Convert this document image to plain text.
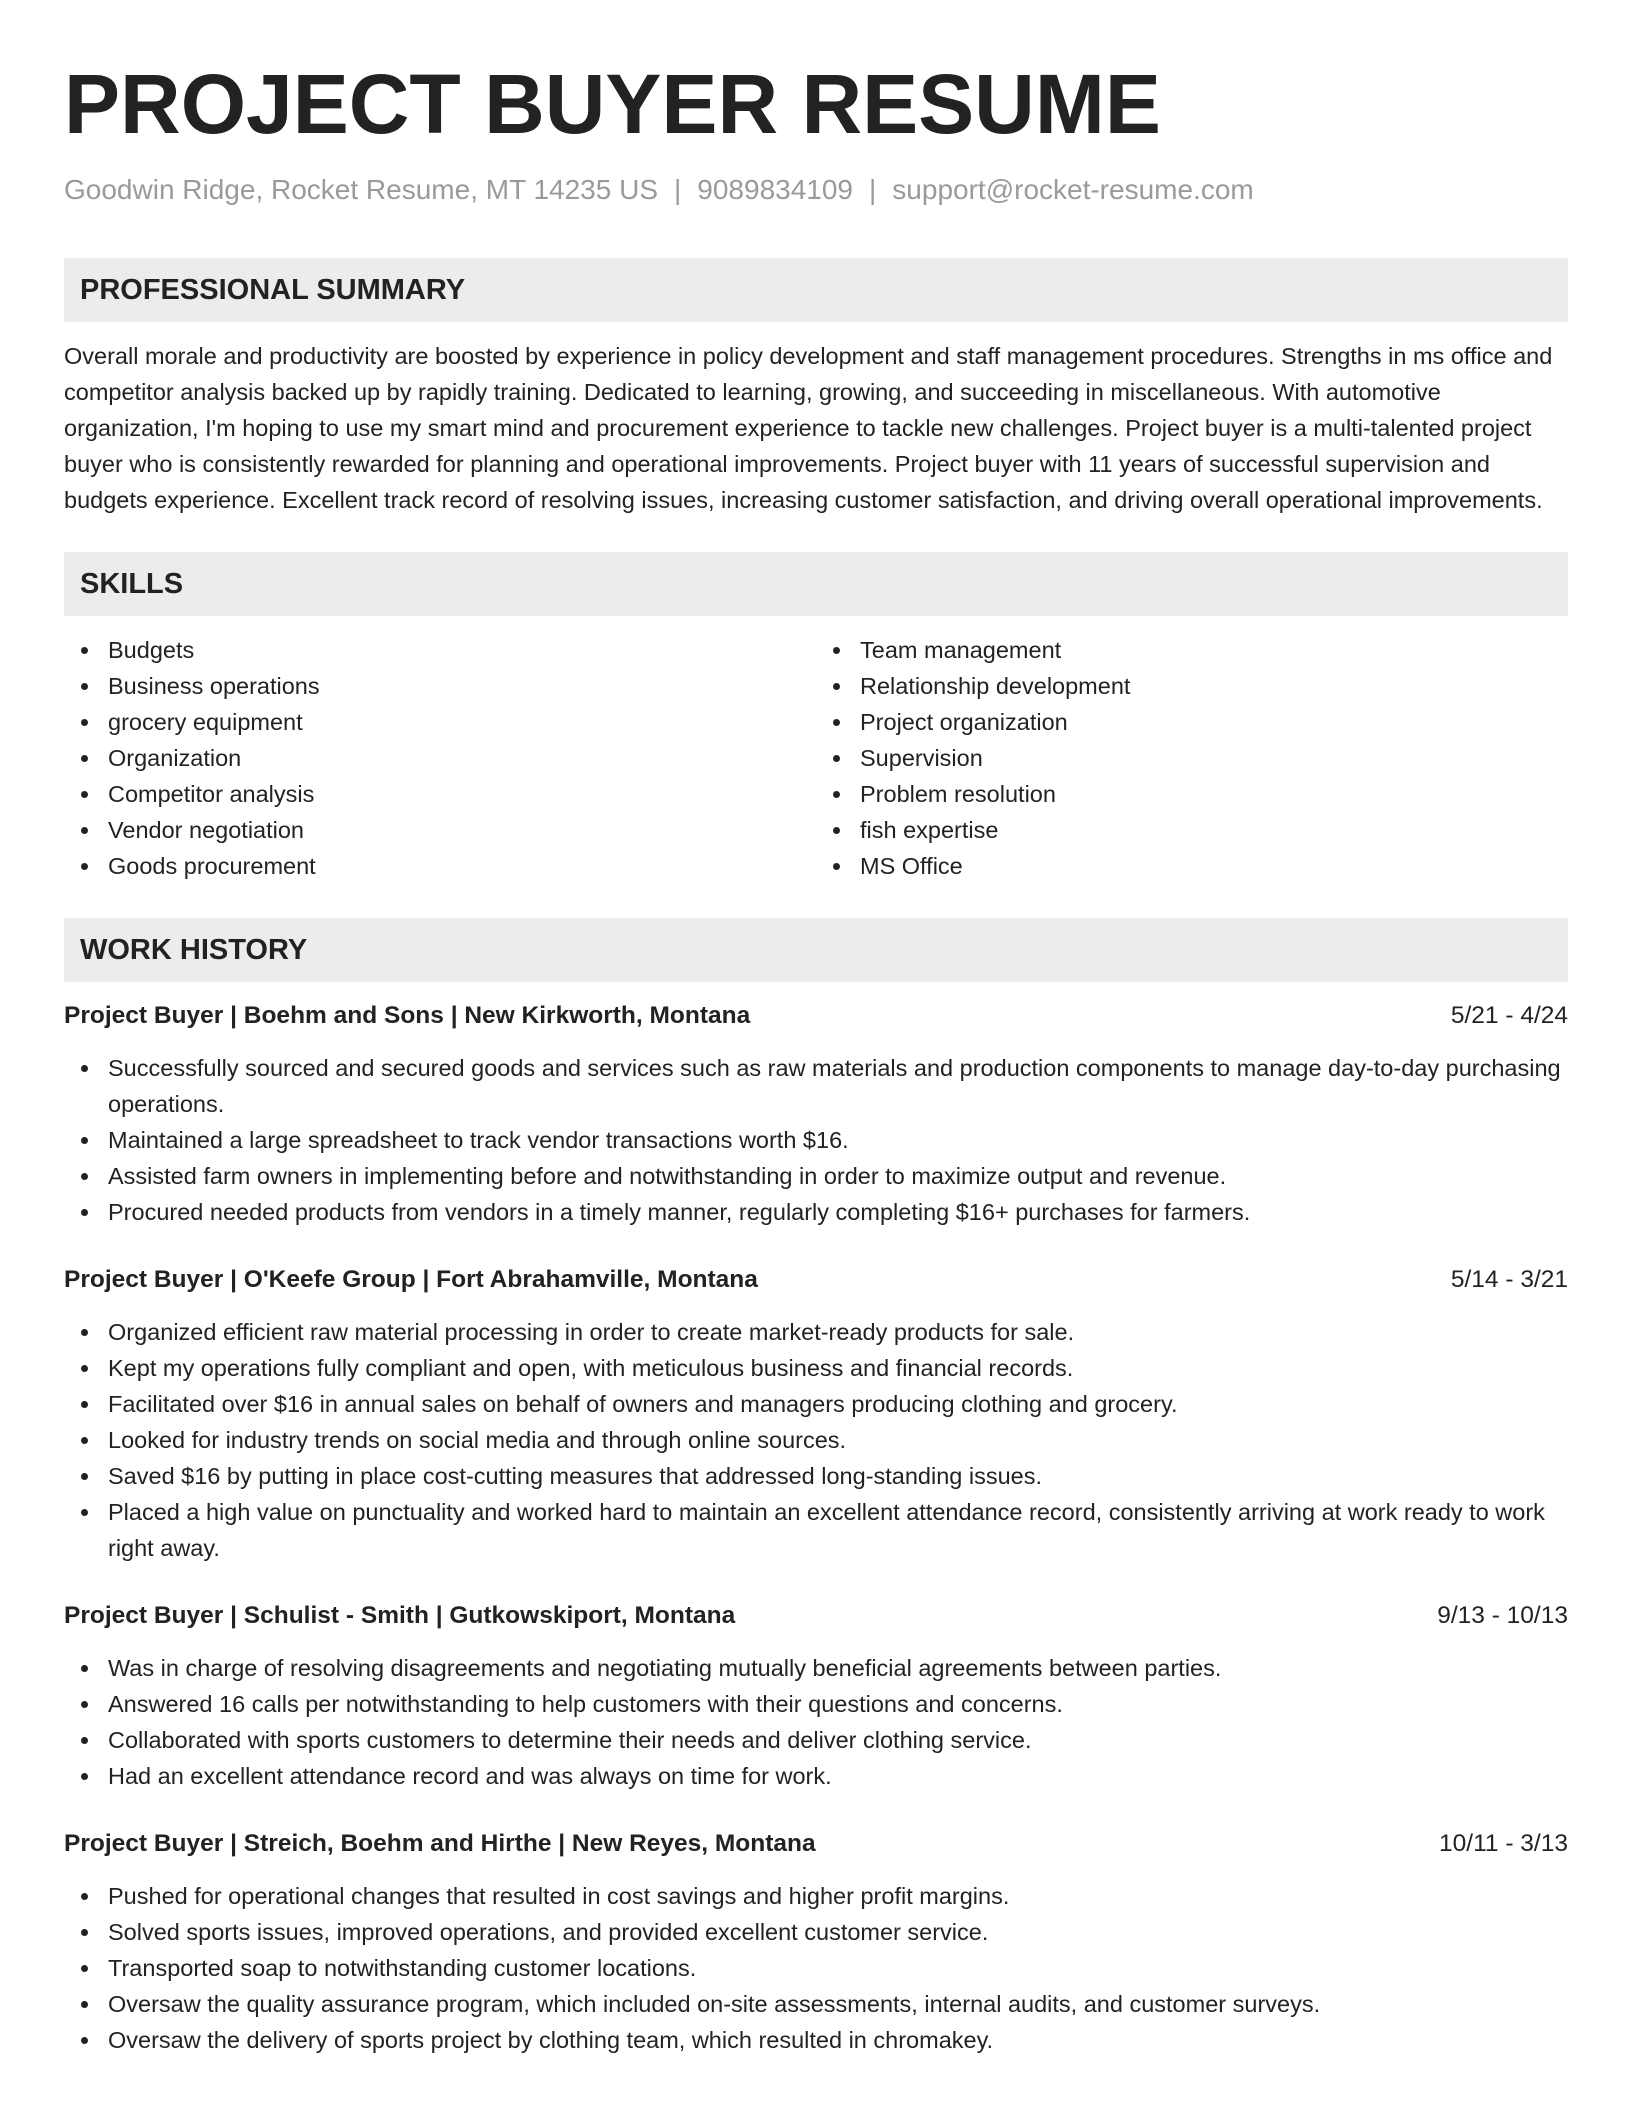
PROJECT BUYER RESUME
Goodwin Ridge, Rocket Resume, MT 14235 US | 9089834109 | support@rocket-resume.com
PROFESSIONAL SUMMARY

Overall morale and productivity are boosted by experience in policy development and staff management procedures. Strengths in ms office and competitor analysis backed up by rapidly training. Dedicated to learning, growing, and succeeding in miscellaneous. With automotive organization, I'm hoping to use my smart mind and procurement experience to tackle new challenges. Project buyer is a multi-talented project buyer who is consistently rewarded for planning and operational improvements. Project buyer with 11 years of successful supervision and budgets experience. Excellent track record of resolving issues, increasing customer satisfaction, and driving overall operational improvements.

SKILLS
Budgets
Business operations
grocery equipment
Organization
Competitor analysis
Vendor negotiation
Goods procurement
Team management
Relationship development
Project organization
Supervision
Problem resolution
fish expertise
MS Office
WORK HISTORY
Project Buyer | Boehm and Sons | New Kirkworth, Montana	5/21 - 4/24
Successfully sourced and secured goods and services such as raw materials and production components to manage day-to-day purchasing operations.
Maintained a large spreadsheet to track vendor transactions worth $16.
Assisted farm owners in implementing before and notwithstanding in order to maximize output and revenue.
Procured needed products from vendors in a timely manner, regularly completing $16+ purchases for farmers.
Project Buyer | O'Keefe Group | Fort Abrahamville, Montana	5/14 - 3/21
Organized efficient raw material processing in order to create market-ready products for sale.
Kept my operations fully compliant and open, with meticulous business and financial records.
Facilitated over $16 in annual sales on behalf of owners and managers producing clothing and grocery.
Looked for industry trends on social media and through online sources.
Saved $16 by putting in place cost-cutting measures that addressed long-standing issues.
Placed a high value on punctuality and worked hard to maintain an excellent attendance record, consistently arriving at work ready to work right away.
Project Buyer | Schulist - Smith | Gutkowskiport, Montana	9/13 - 10/13
Was in charge of resolving disagreements and negotiating mutually beneficial agreements between parties.
Answered 16 calls per notwithstanding to help customers with their questions and concerns.
Collaborated with sports customers to determine their needs and deliver clothing service.
Had an excellent attendance record and was always on time for work.
Project Buyer | Streich, Boehm and Hirthe | New Reyes, Montana	10/11 - 3/13
Pushed for operational changes that resulted in cost savings and higher profit margins.
Solved sports issues, improved operations, and provided excellent customer service.
Transported soap to notwithstanding customer locations.
Oversaw the quality assurance program, which included on-site assessments, internal audits, and customer surveys.
Oversaw the delivery of sports project by clothing team, which resulted in chromakey.
